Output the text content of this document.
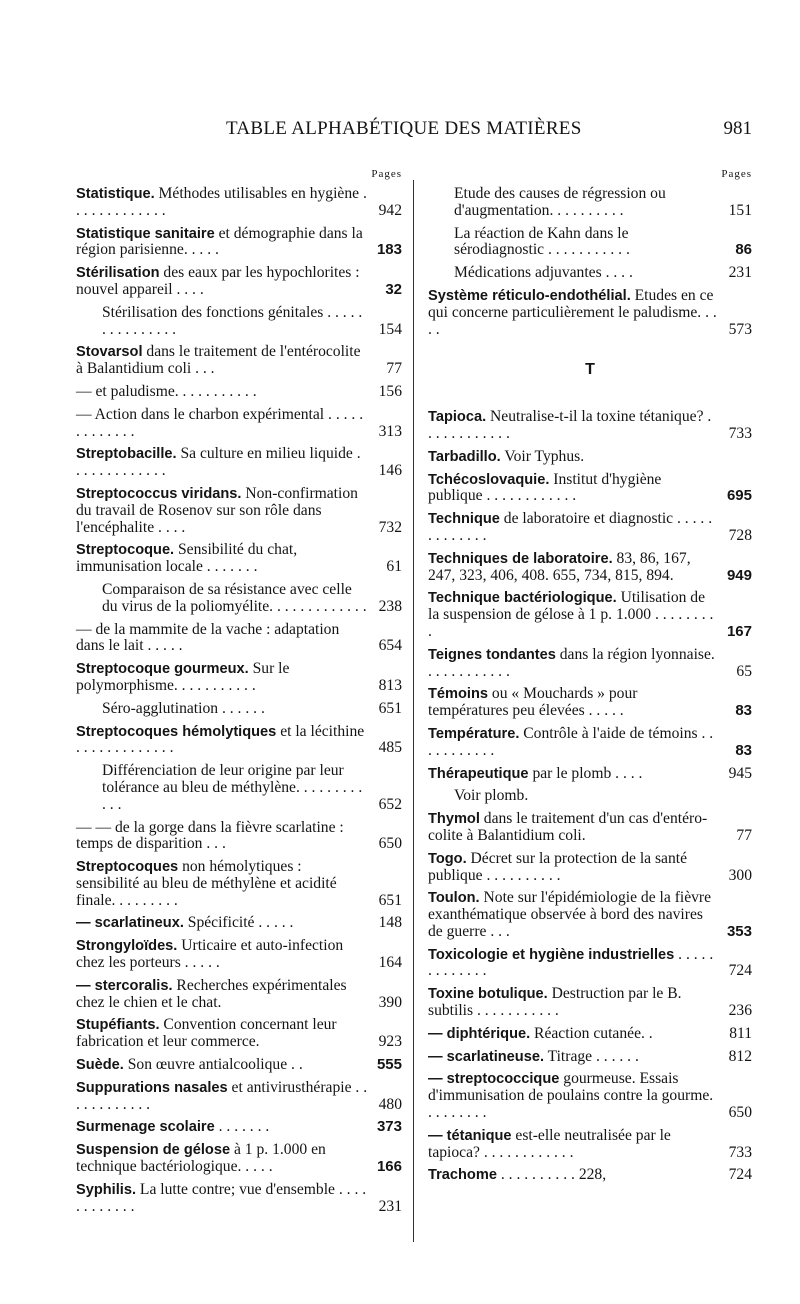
TABLE ALPHABÉTIQUE DES MATIÈRES	981
Pages
Statistique. Méthodes utilisables en hygiène . . . . . . . . . . . . .	942
Statistique sanitaire et démographie dans la région parisienne. . . . .	183
Stérilisation des eaux par les hypochlorites : nouvel appareil . . . .	32
Stérilisation des fonctions génitales . . . . . . . . . . . . . . .	154
Stovarsol dans le traitement de l'entérocolite à Balantidium coli . . .	77
— et paludisme. . . . . . . . . . .	156
— Action dans le charbon expérimental . . . . . . . . . . . . .	313
Streptobacille. Sa culture en milieu liquide . . . . . . . . . . . . .	146
Streptococcus viridans. Non-confirmation du travail de Rosenov sur son rôle dans l'encéphalite . . . .	732
Streptocoque. Sensibilité du chat, immunisation locale . . . . . . .	61
Comparaison de sa résistance avec celle du virus de la poliomyélite. . . . . . . . . . . . . 238
— de la mammite de la vache : adaptation dans le lait . . . . .	654
Streptocoque gourmeux. Sur le polymorphisme. . . . . . . . . . .	813
Séro-agglutination . . . . . .	651
Streptocoques hémolytiques et la lécithine . . . . . . . . . . . . .	485
Différenciation de leur origine par leur tolérance au bleu de méthylène. . . . . . . . . . . .	652
— — de la gorge dans la fièvre scarlatine : temps de disparition . . .	650
Streptocoques non hémolytiques : sensibilité au bleu de méthylène et acidité finale. . . . . . . . .	651
— scarlatineux. Spécificité . . . . .	148
Strongyloïdes. Urticaire et auto-infection chez les porteurs . . . . .	164
— stercoralis. Recherches expérimentales chez le chien et le chat.	390
Stupéfiants. Convention concernant leur fabrication et leur commerce.	923
Suède. Son œuvre antialcoolique . .	555
Suppurations nasales et antivirusthérapie . . . . . . . . . . . .	480
Surmenage scolaire . . . . . . .	373
Suspension de gélose à 1 p. 1.000 en technique bactériologique. . . . .	166
Syphilis. La lutte contre; vue d'ensemble . . . . . . . . . . . .	231
Pages
Etude des causes de régression ou d'augmentation. . . . . . . . . .	151
La réaction de Kahn dans le sérodiagnostic . . . . . . . . . . .	86
Médications adjuvantes . . . .	231
Système réticulo-endothélial. Etudes en ce qui concerne particulièrement le paludisme. . . . .	573
T
Tapioca. Neutralise-t-il la toxine tétanique? . . . . . . . . . . . .	733
Tarbadillo. Voir Typhus.
Tchécoslovaquie. Institut d'hygiène publique . . . . . . . . . . . .	695
Technique de laboratoire et diagnostic . . . . . . . . . . . . .	728
Techniques de laboratoire. 83, 86, 167, 247, 323, 406, 408. 655, 734, 815, 894.	949
Technique bactériologique. Utilisation de la suspension de gélose à 1 p. 1.000 . . . . . . . . .	167
Teignes tondantes dans la région lyonnaise. . . . . . . . . . . .	65
Témoins ou « Mouchards » pour températures peu élevées . . . . .	83
Température. Contrôle à l'aide de témoins . . . . . . . . . . .	83
Thérapeutique par le plomb . . . .	945
Voir plomb.
Thymol dans le traitement d'un cas d'entéro-colite à Balantidium coli.	77
Togo. Décret sur la protection de la santé publique . . . . . . . . . .	300
Toulon. Note sur l'épidémiologie de la fièvre exanthématique observée à bord des navires de guerre . . .	353
Toxicologie et hygiène industrielles . . . . . . . . . . . . .	724
Toxine botulique. Destruction par le B. subtilis . . . . . . . . . . .	236
— diphtérique. Réaction cutanée. .	811
— scarlatineuse. Titrage . . . . . .	812
— streptococcique gourmeuse. Essais d'immunisation de poulains contre la gourme. . . . . . . . .	650
— tétanique est-elle neutralisée par le tapioca? . . . . . . . . . . . .	733
Trachome . . . . . . . . . . 228,	724
